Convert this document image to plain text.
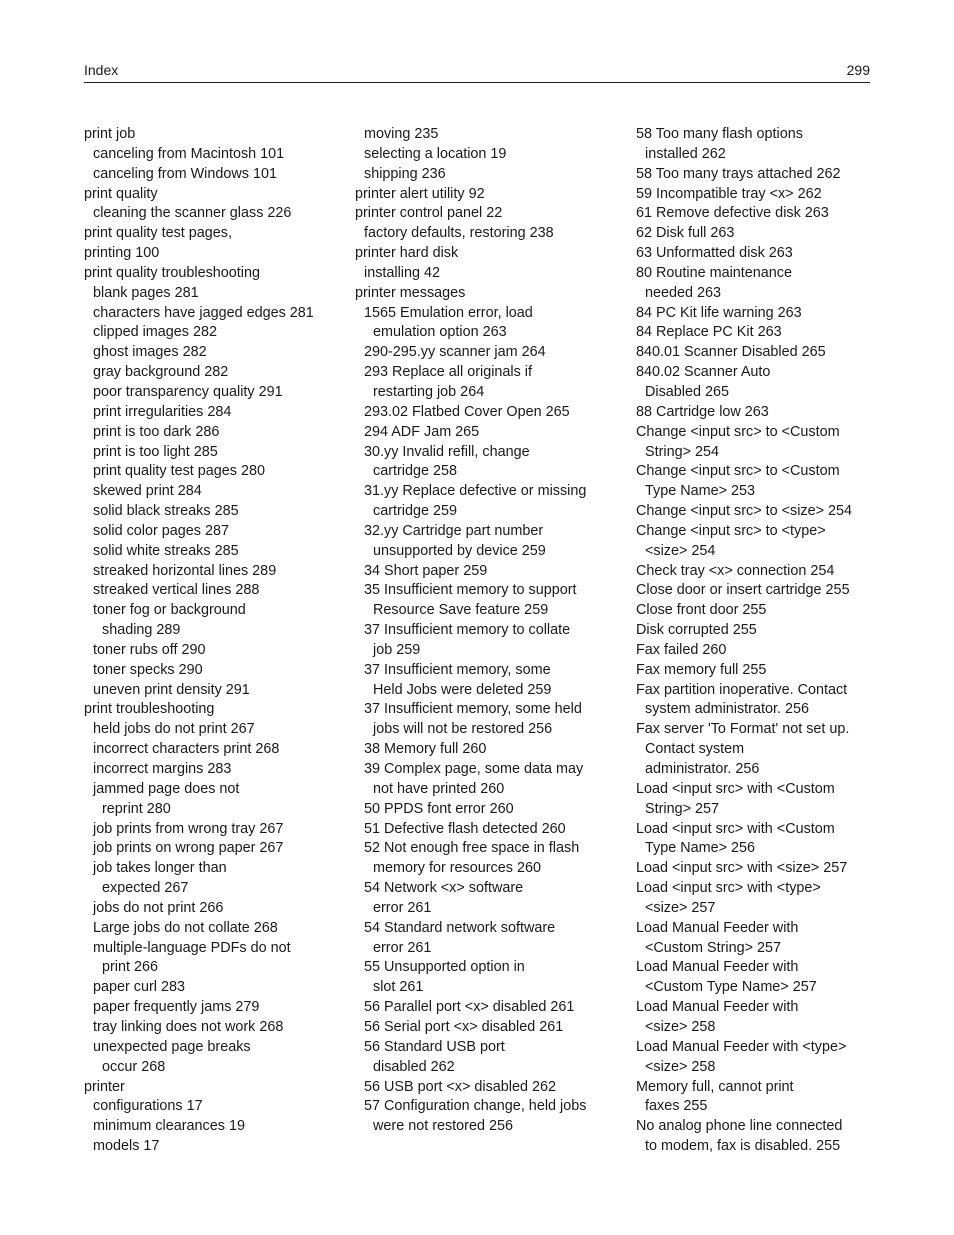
Index	299
print job
canceling from Macintosh 101
canceling from Windows 101
print quality
cleaning the scanner glass 226
print quality test pages,
printing 100
print quality troubleshooting
blank pages 281
characters have jagged edges 281
clipped images 282
ghost images 282
gray background 282
poor transparency quality 291
print irregularities 284
print is too dark 286
print is too light 285
print quality test pages 280
skewed print 284
solid black streaks 285
solid color pages 287
solid white streaks 285
streaked horizontal lines 289
streaked vertical lines 288
toner fog or background
shading 289
toner rubs off 290
toner specks 290
uneven print density 291
print troubleshooting
held jobs do not print 267
incorrect characters print 268
incorrect margins 283
jammed page does not
reprint 280
job prints from wrong tray 267
job prints on wrong paper 267
job takes longer than
expected 267
jobs do not print 266
Large jobs do not collate 268
multiple-language PDFs do not
print 266
paper curl 283
paper frequently jams 279
tray linking does not work 268
unexpected page breaks
occur 268
printer
configurations 17
minimum clearances 19
models 17
moving 235
selecting a location 19
shipping 236
printer alert utility 92
printer control panel 22
factory defaults, restoring 238
printer hard disk
installing 42
printer messages
1565 Emulation error, load
emulation option 263
290-295.yy scanner jam 264
293 Replace all originals if
restarting job 264
293.02 Flatbed Cover Open 265
294 ADF Jam 265
30.yy Invalid refill, change
cartridge 258
31.yy Replace defective or missing
cartridge 259
32.yy Cartridge part number
unsupported by device 259
34 Short paper 259
35 Insufficient memory to support
Resource Save feature 259
37 Insufficient memory to collate
job 259
37 Insufficient memory, some
Held Jobs were deleted 259
37 Insufficient memory, some held
jobs will not be restored 256
38 Memory full 260
39 Complex page, some data may
not have printed 260
50 PPDS font error 260
51 Defective flash detected 260
52 Not enough free space in flash
memory for resources 260
54 Network <x> software
error 261
54 Standard network software
error 261
55 Unsupported option in
slot 261
56 Parallel port <x> disabled 261
56 Serial port <x> disabled 261
56 Standard USB port
disabled 262
56 USB port <x> disabled 262
57 Configuration change, held jobs
were not restored 256
58 Too many flash options
installed 262
58 Too many trays attached 262
59 Incompatible tray <x> 262
61 Remove defective disk 263
62 Disk full 263
63 Unformatted disk 263
80 Routine maintenance
needed 263
84 PC Kit life warning 263
84 Replace PC Kit 263
840.01 Scanner Disabled 265
840.02 Scanner Auto
Disabled 265
88 Cartridge low 263
Change <input src> to <Custom
String> 254
Change <input src> to <Custom
Type Name> 253
Change <input src> to <size> 254
Change <input src> to <type>
<size> 254
Check tray <x> connection 254
Close door or insert cartridge 255
Close front door 255
Disk corrupted 255
Fax failed 260
Fax memory full 255
Fax partition inoperative. Contact
system administrator. 256
Fax server 'To Format' not set up.
Contact system
administrator. 256
Load <input src> with <Custom
String> 257
Load <input src> with <Custom
Type Name> 256
Load <input src> with <size> 257
Load <input src> with <type>
<size> 257
Load Manual Feeder with
<Custom String> 257
Load Manual Feeder with
<Custom Type Name> 257
Load Manual Feeder with
<size> 258
Load Manual Feeder with <type>
<size> 258
Memory full, cannot print
faxes 255
No analog phone line connected
to modem, fax is disabled. 255
